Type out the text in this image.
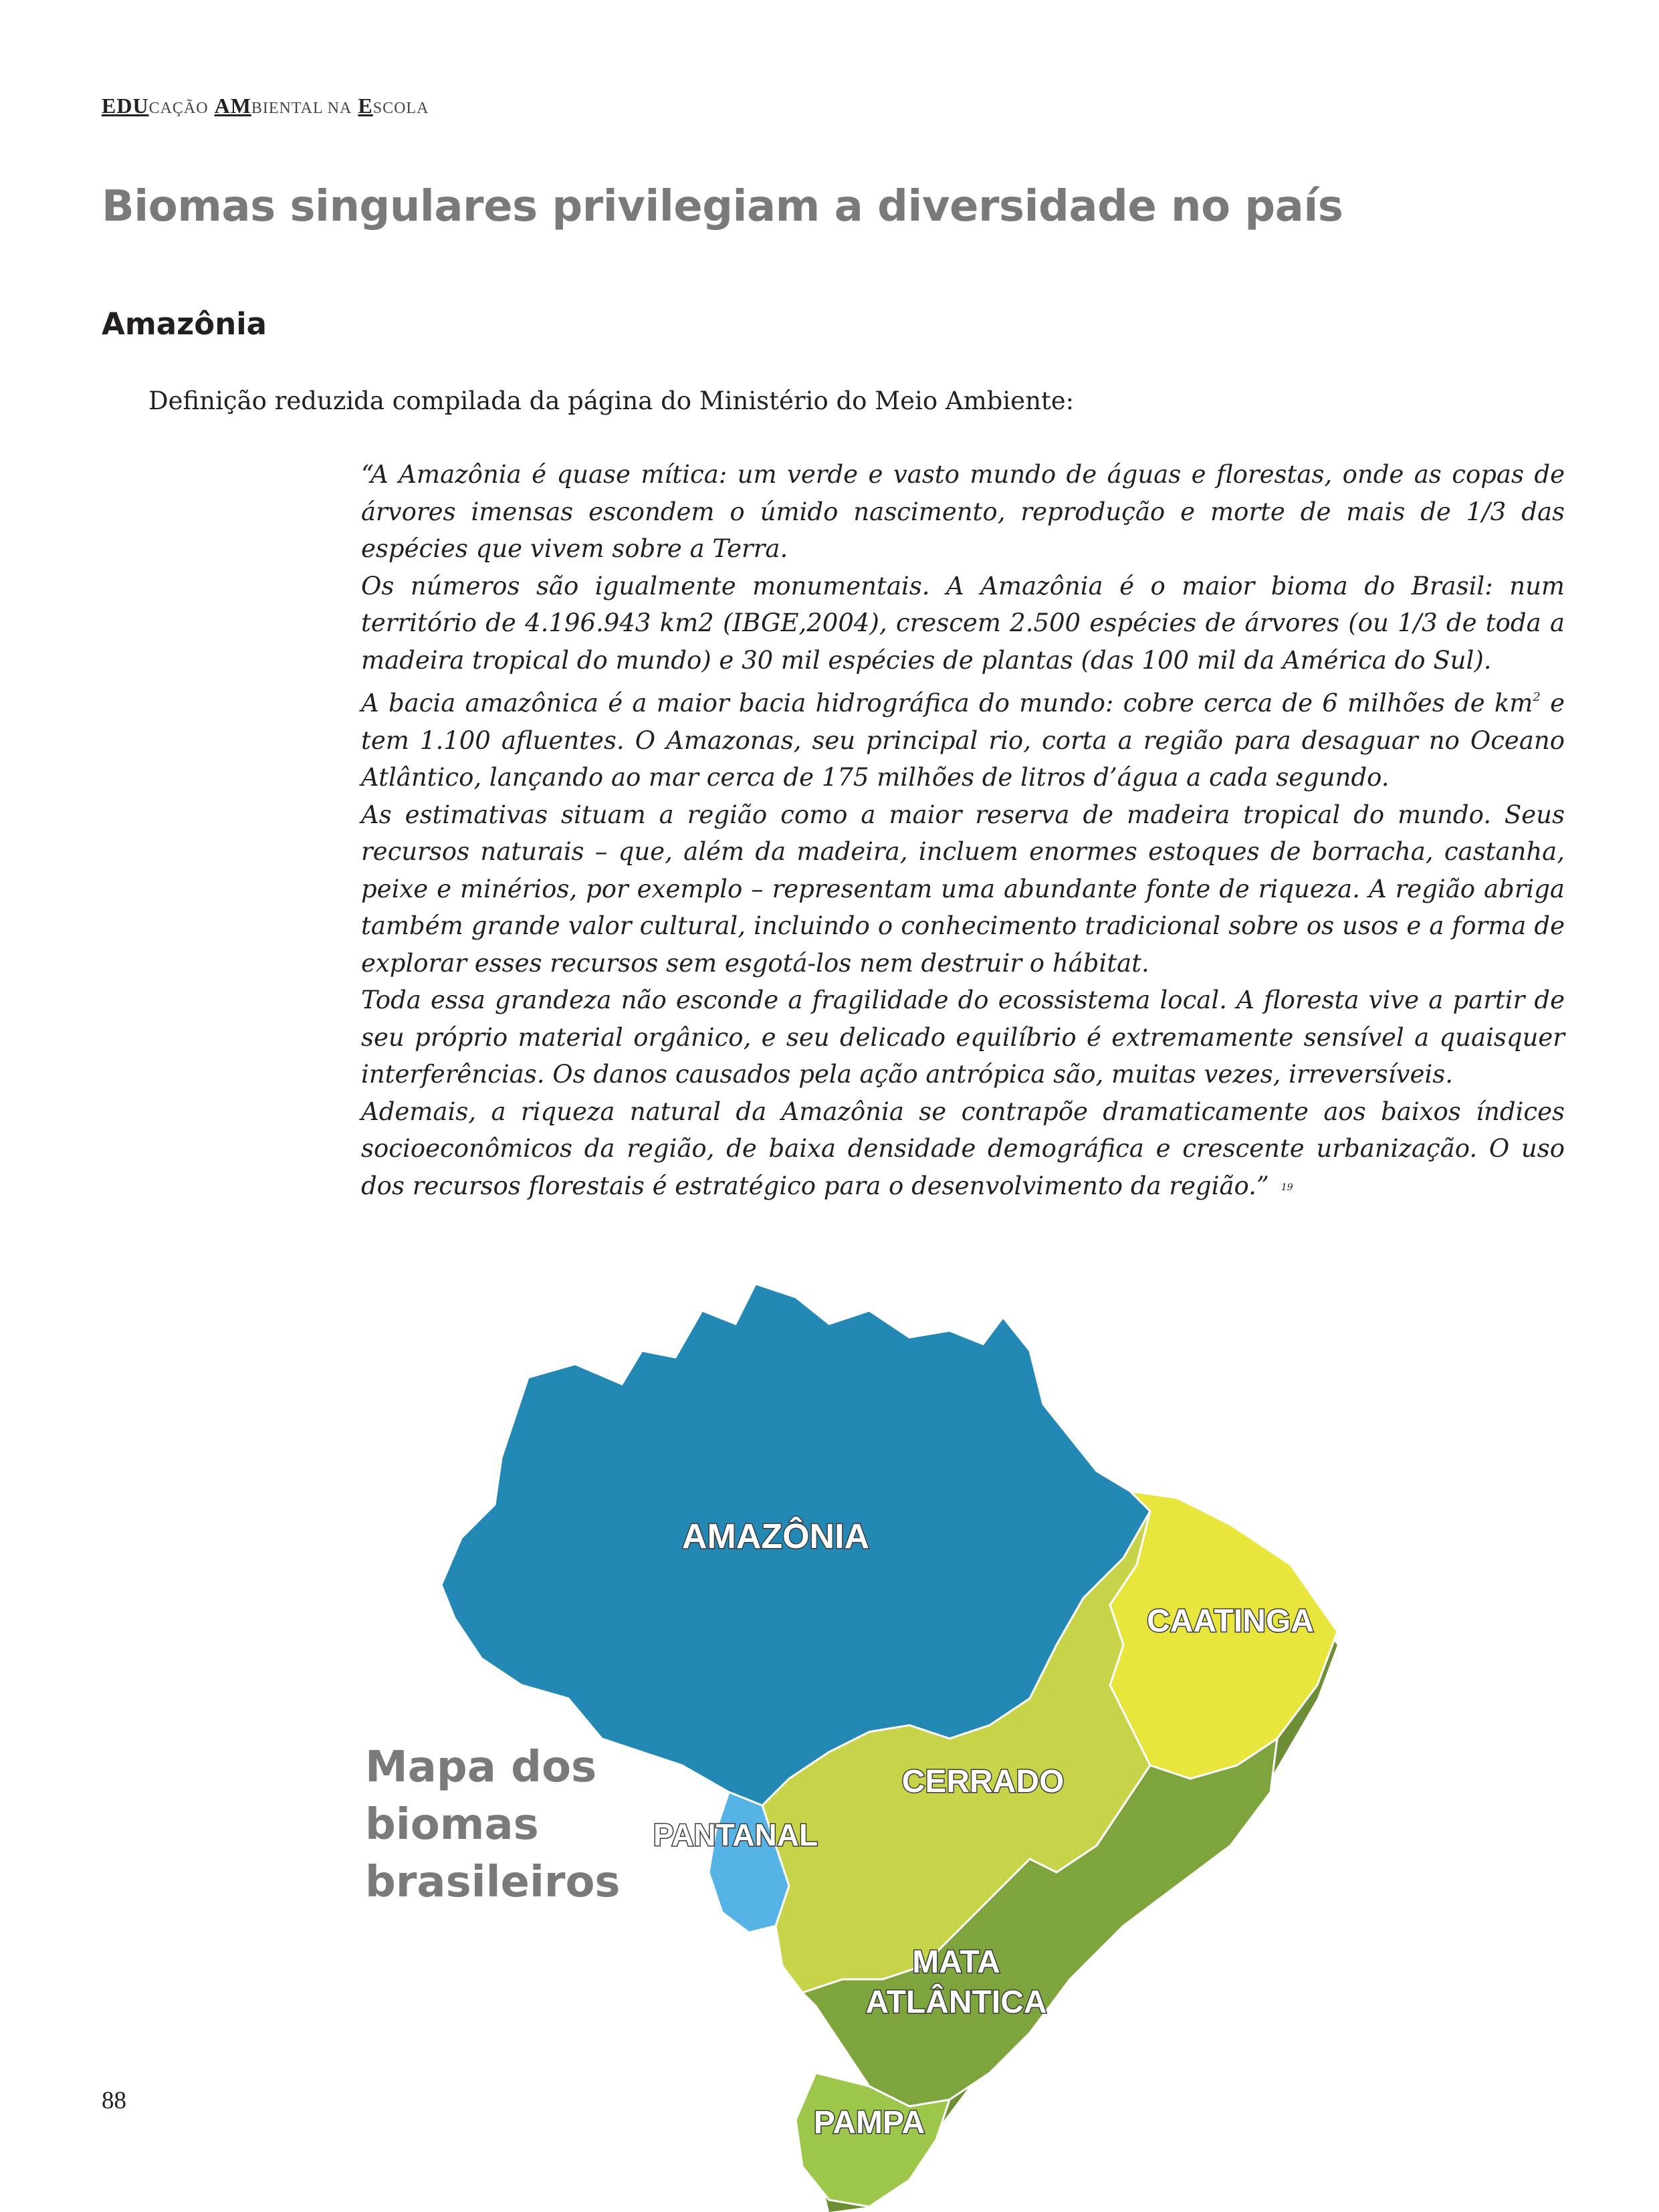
EDUCAÇÃO AMBIENTAL NA ESCOLA
Biomas singulares privilegiam a diversidade no país
Amazônia

Definição reduzida compilada da página do Ministério do Meio Ambiente:

“A Amazônia é quase mítica: um verde e vasto mundo de águas e florestas, onde as copas de árvores imensas escondem o úmido nascimento, reprodução e morte de mais de 1/3 das espécies que vivem sobre a Terra.

Os números são igualmente monumentais. A Amazônia é o maior bioma do Brasil: num território de 4.196.943 km2 (IBGE,2004), crescem 2.500 espécies de árvores (ou 1/3 de toda a madeira tropical do mundo) e 30 mil espécies de plantas (das 100 mil da América do Sul).

A bacia amazônica é a maior bacia hidrográfica do mundo: cobre cerca de 6 milhões de $km^2$ e tem 1.100 afluentes. O Amazonas, seu principal rio, corta a região para desaguar no Oceano Atlântico, lançando ao mar cerca de 175 milhões de litros d’água a cada segundo.

As estimativas situam a região como a maior reserva de madeira tropical do mundo. Seus recursos naturais – que, além da madeira, incluem enormes estoques de borracha, castanha, peixe e minérios, por exemplo – representam uma abundante fonte de riqueza. A região abriga também grande valor cultural, incluindo o conhecimento tradicional sobre os usos e a forma de explorar esses recursos sem esgotá-los nem destruir o hábitat.

Toda essa grandeza não esconde a fragilidade do ecossistema local. A floresta vive a partir de seu próprio material orgânico, e seu delicado equilíbrio é extremamente sensível a quaisquer interferências. Os danos causados pela ação antrópica são, muitas vezes, irreversíveis.

Ademais, a riqueza natural da Amazônia se contrapõe dramaticamente aos baixos índices socioeconômicos da região, de baixa densidade demográfica e crescente urbanização. O uso dos recursos florestais é estratégico para o desenvolvimento da região.” 19

Mapa dos
biomas
brasileiros
AMAZÔNIA
CAATINGA
CERRADO
PANTANAL
MATA
ATLÂNTICA
PAMPA
88
